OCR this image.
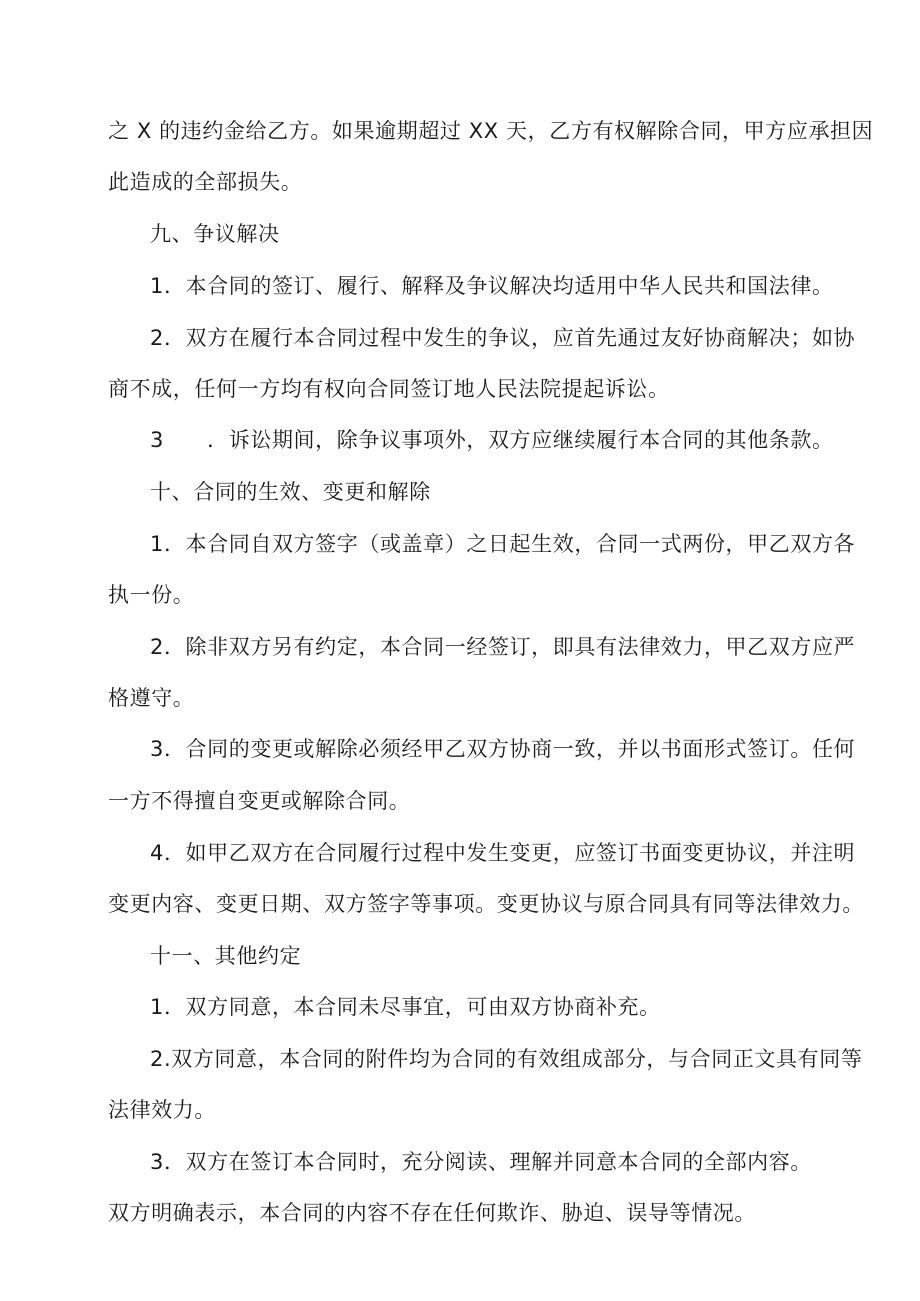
之 X 的违约金给乙方。如果逾期超过 XX 天，乙方有权解除合同，甲方应承担因
此造成的全部损失。
九、争议解决
1．本合同的签订、履行、解释及争议解决均适用中华人民共和国法律。
2．双方在履行本合同过程中发生的争议，应首先通过友好协商解决；如协
商不成，任何一方均有权向合同签订地人民法院提起诉讼。
3　　．诉讼期间，除争议事项外，双方应继续履行本合同的其他条款。
十、合同的生效、变更和解除
1．本合同自双方签字（或盖章）之日起生效，合同一式两份，甲乙双方各
执一份。
2．除非双方另有约定，本合同一经签订，即具有法律效力，甲乙双方应严
格遵守。
3．合同的变更或解除必须经甲乙双方协商一致，并以书面形式签订。任何
一方不得擅自变更或解除合同。
4．如甲乙双方在合同履行过程中发生变更，应签订书面变更协议，并注明
变更内容、变更日期、双方签字等事项。变更协议与原合同具有同等法律效力。
十一、其他约定
1．双方同意，本合同未尽事宜，可由双方协商补充。
2.双方同意，本合同的附件均为合同的有效组成部分，与合同正文具有同等
法律效力。
3．双方在签订本合同时，充分阅读、理解并同意本合同的全部内容。
双方明确表示，本合同的内容不存在任何欺诈、胁迫、误导等情况。
